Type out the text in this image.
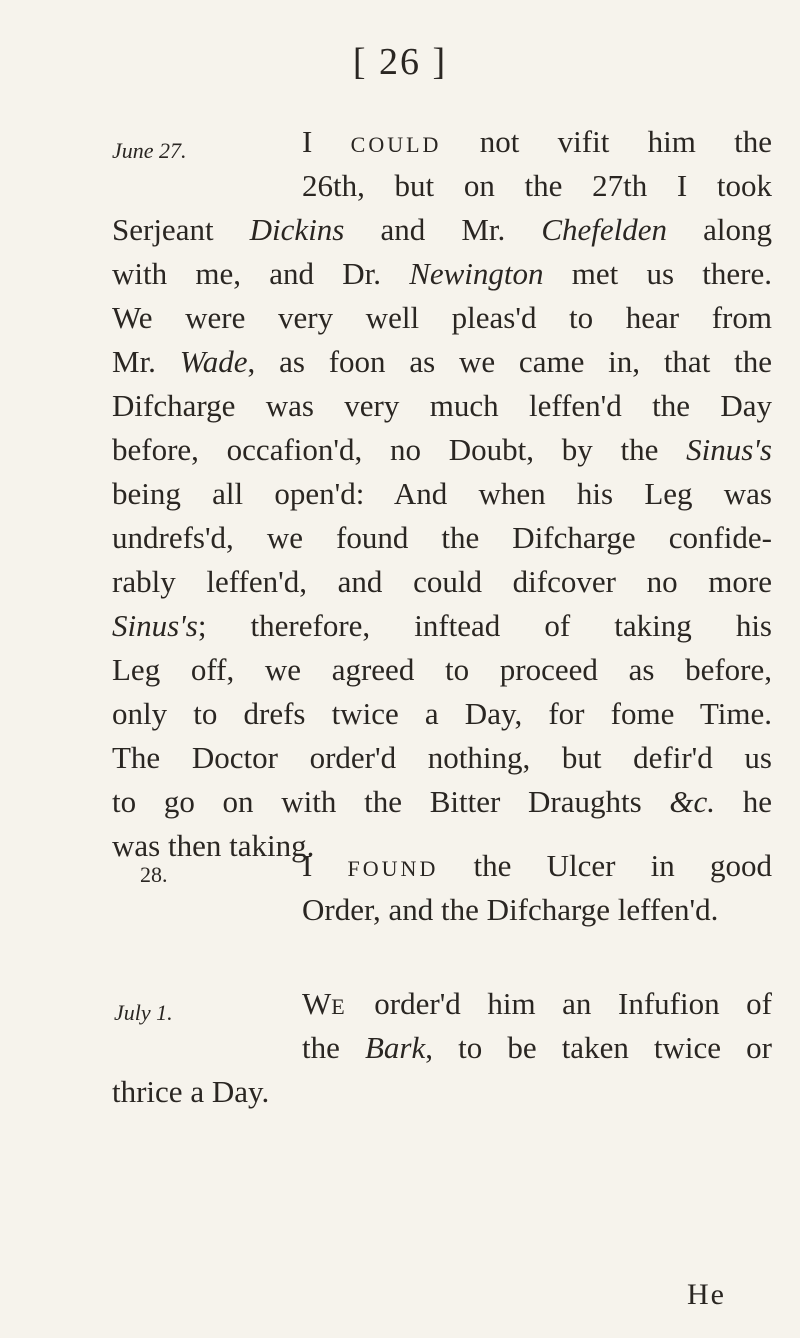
[ 26 ]
June 27.	I could not vifit him the
26th, but on the 27th I took
Serjeant Dickins and Mr. Chefelden along
with me, and Dr. Newington met us there.
We were very well pleas'd to hear from
Mr. Wade, as foon as we came in, that the
Difcharge was very much leffen'd the Day
before, occafion'd, no Doubt, by the Sinus's
being all open'd: And when his Leg was
undrefs'd, we found the Difcharge confide-
rably leffen'd, and could difcover no more
Sinus's; therefore, inftead of taking his
Leg off, we agreed to proceed as before,
only to drefs twice a Day, for fome Time.
The Doctor order'd nothing, but defir'd us
to go on with the Bitter Draughts &c. he
was then taking.
28.	I found the Ulcer in good
Order, and the Difcharge leffen'd.
July 1.	We order'd him an Infufion of
the Bark, to be taken twice or
thrice a Day.
He
